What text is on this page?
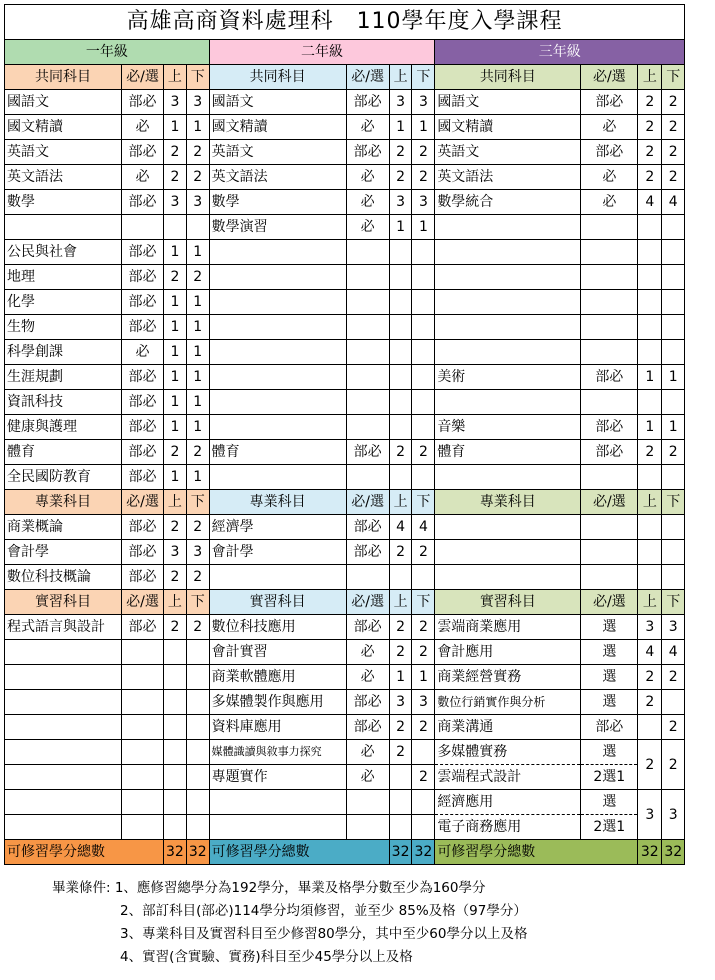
高雄高商資料處理科　110學年度入學課程											
一年級				二年級				三年級			
共同科目	必/選	上	下	共同科目	必/選	上	下	共同科目	必/選	上	下
國語文	部必	3	3	國語文	部必	3	3	國語文	部必	2	2
國文精讀	必	1	1	國文精讀	必	1	1	國文精讀	必	2	2
英語文	部必	2	2	英語文	部必	2	2	英語文	部必	2	2
英文語法	必	2	2	英文語法	必	2	2	英文語法	必	2	2
數學	部必	3	3	數學	必	3	3	數學統合	必	4	4
				數學演習	必	1	1				
公民與社會	部必	1	1								
地理	部必	2	2								
化學	部必	1	1								
生物	部必	1	1								
科學創課	必	1	1								
生涯規劃	部必	1	1					美術	部必	1	1
資訊科技	部必	1	1								
健康與護理	部必	1	1					音樂	部必	1	1
體育	部必	2	2	體育	部必	2	2	體育	部必	2	2
全民國防教育	部必	1	1								
專業科目	必/選	上	下	專業科目	必/選	上	下	專業科目	必/選	上	下
商業概論	部必	2	2	經濟學	部必	4	4				
會計學	部必	3	3	會計學	部必	2	2				
數位科技概論	部必	2	2								
實習科目	必/選	上	下	實習科目	必/選	上	下	實習科目	必/選	上	下
程式語言與設計	部必	2	2	數位科技應用	部必	2	2	雲端商業應用	選	3	3
				會計實習	必	2	2	會計應用	選	4	4
				商業軟體應用	必	1	1	商業經營實務	選	2	2
				多媒體製作與應用	部必	3	3	數位行銷實作與分析	選	2	
				資料庫應用	部必	2	2	商業溝通	部必		2
				媒體識讀與敘事力探究	必	2		多媒體實務	選	2	2
				專題實作	必		2	雲端程式設計	2選1		
								經濟應用	選	3	3
								電子商務應用	2選1		
可修習學分總數		32	32	可修習學分總數		32	32	可修習學分總數		32	32
畢業條件: 1、應修習總學分為192學分，畢業及格學分數至少為160學分
2、部訂科目(部必)114學分均須修習，並至少 85%及格（97學分）
3、專業科目及實習科目至少修習80學分，其中至少60學分以上及格
4、實習(含實驗、實務)科目至少45學分以上及格
